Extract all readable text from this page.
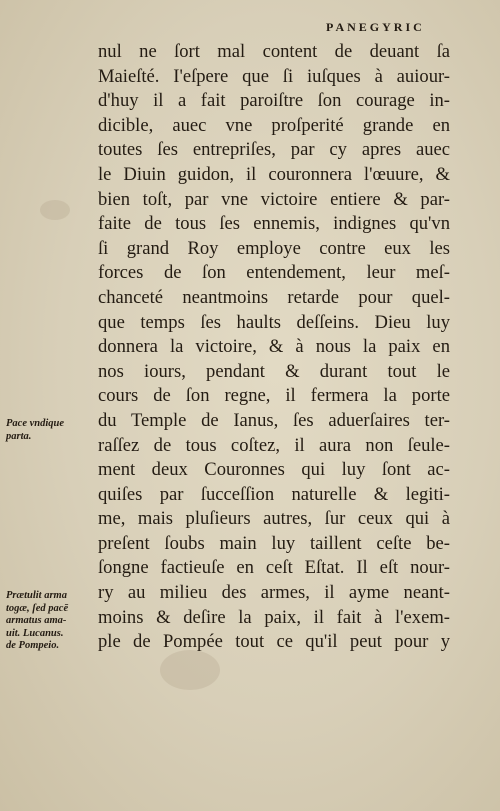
PANEGYRIC
nul ne ſort mal content de deuant ſa
Maieſté. I'eſpere que ſi iuſques à auiour-
d'huy il a fait paroiſtre ſon courage in-
dicible, auec vne proſperité grande en
toutes ſes entrepriſes, par cy apres auec
le Diuin guidon, il couronnera l'œuure, &
bien toſt, par vne victoire entiere & par-
faite de tous ſes ennemis, indignes qu'vn
ſi grand Roy employe contre eux les
forces de ſon entendement, leur meſ-
chanceté neantmoins retarde pour quel-
que temps ſes haults deſſeins. Dieu luy
donnera la victoire, & à nous la paix en
nos iours, pendant & durant tout le
cours de ſon regne, il fermera la porte
du Temple de Ianus, ſes aduerſaires ter-
raſſez de tous coſtez, il aura non ſeule-
ment deux Couronnes qui luy ſont ac-
quiſes par ſucceſſion naturelle & legiti-
me, mais pluſieurs autres, ſur ceux qui à
preſent ſoubs main luy taillent ceſte be-
ſongne factieuſe en ceſt Eſtat. Il eſt nour-
ry au milieu des armes, il ayme neant-
moins & deſire la paix, il fait à l'exem-
ple de Pompée tout ce qu'il peut pour y
Pace vndique
parta.
Prætulit arma
togæ, ſed pacē
armatus ama-
uit. Lucanus.
de Pompeio.
